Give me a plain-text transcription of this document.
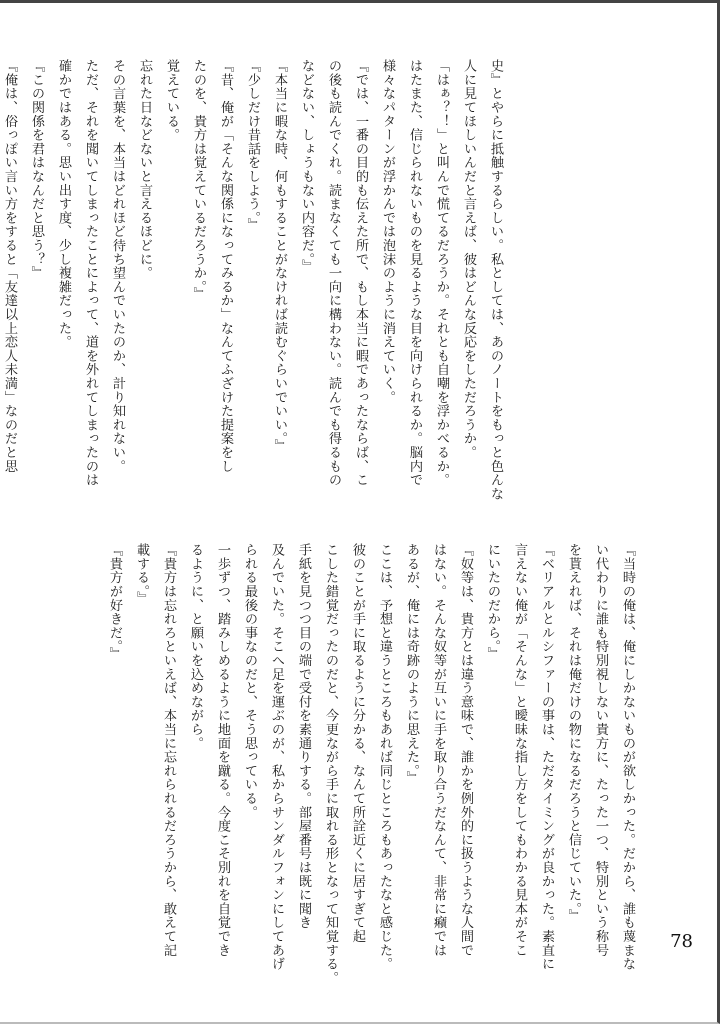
史』とやらに抵触するらしい。私としては、あのノートをもっと色んな
人に見てほしいんだと言えば、彼はどんな反応をしただろうか。
「はぁ？！」と叫んで慌てるだろうか。それとも自嘲を浮かべるか。
はたまた、信じられないものを見るような目を向けられるか。脳内で
様々なパターンが浮かんでは泡沫のように消えていく。
『では、一番の目的も伝えた所で、もし本当に暇であったならば、こ
の後も読んでくれ。読まなくても一向に構わない。読んでも得るもの
などない、しょうもない内容だ。』
『本当に暇な時、何もすることがなければ読むぐらいでいい。』
『少しだけ昔話をしよう。』
『昔、俺が「そんな関係になってみるか」なんてふざけた提案をし
たのを、貴方は覚えているだろうか。』
覚えている。
忘れた日などないと言えるほどに。
その言葉を、本当はどれほど待ち望んでいたのか、計り知れない。
ただ、それを聞いてしまったことによって、道を外れてしまったのは
確かではある。思い出す度、少し複雑だった。
『この関係を君はなんだと思う？』
『俺は、俗っぽい言い方をすると「友達以上恋人未満」なのだと思
『当時の俺は、俺にしかないものが欲しかった。だから、誰も蔑まな
い代わりに誰も特別視しない貴方に、たった一つ、特別という称号
を貰えれば、それは俺だけの物になるだろうと信じていた。』
『ベリアルとルシファーの事は、ただタイミングが良かった。素直に
言えない俺が「そんな」と曖昧な指し方をしてもわかる見本がそこ
にいたのだから。』
『奴等は、貴方とは違う意味で、誰かを例外的に扱うような人間で
はない。そんな奴等が互いに手を取り合うだなんて、非常に癪では
あるが、俺には奇跡のように思えた。』
ここは、予想と違うところもあれば同じところもあったなと感じた。
彼のことが手に取るように分かる、なんて所詮近くに居すぎて起
こした錯覚だったのだと、今更ながら手に取れる形となって知覚する。
手紙を見つつ目の端で受付を素通りする。部屋番号は既に聞き
及んでいた。そこへ足を運ぶのが、私からサンダルフォンにしてあげ
られる最後の事なのだと、そう思っている。
一歩ずつ、踏みしめるように地面を蹴る。今度こそ別れを自覚でき
るように、と願いを込めながら。
『貴方は忘れろといえば、本当に忘れられるだろうから、敢えて記
載する。』
『貴方が好きだ。』
78
